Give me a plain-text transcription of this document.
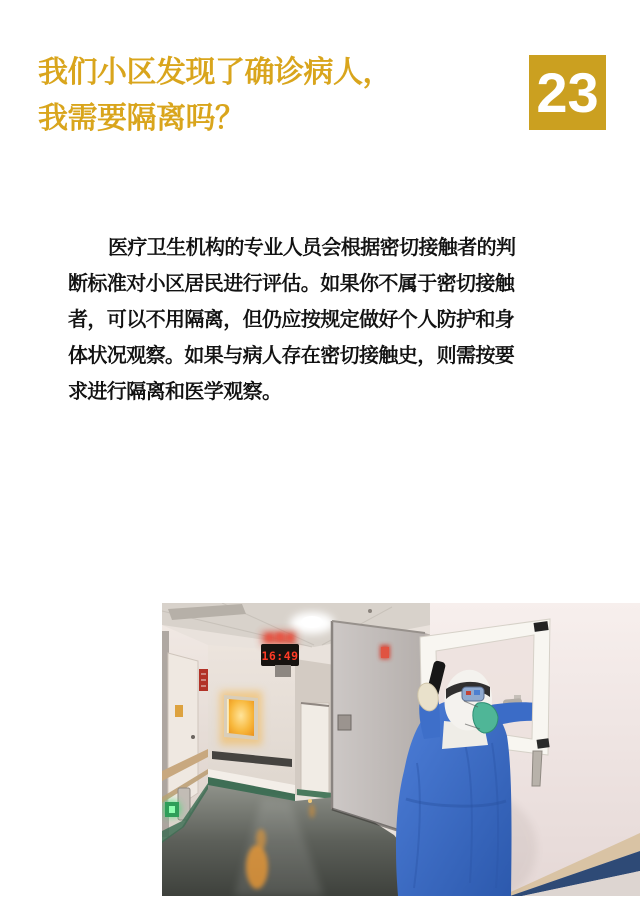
我们小区发现了确诊病人，
我需要隔离吗？	23
医疗卫生机构的专业人员会根据密切接触者的判
断标准对小区居民进行评估。如果你不属于密切接触
者，可以不用隔离，但仍应按规定做好个人防护和身
体状况观察。如果与病人存在密切接触史，则需按要
求进行隔离和医学观察。
16:49
